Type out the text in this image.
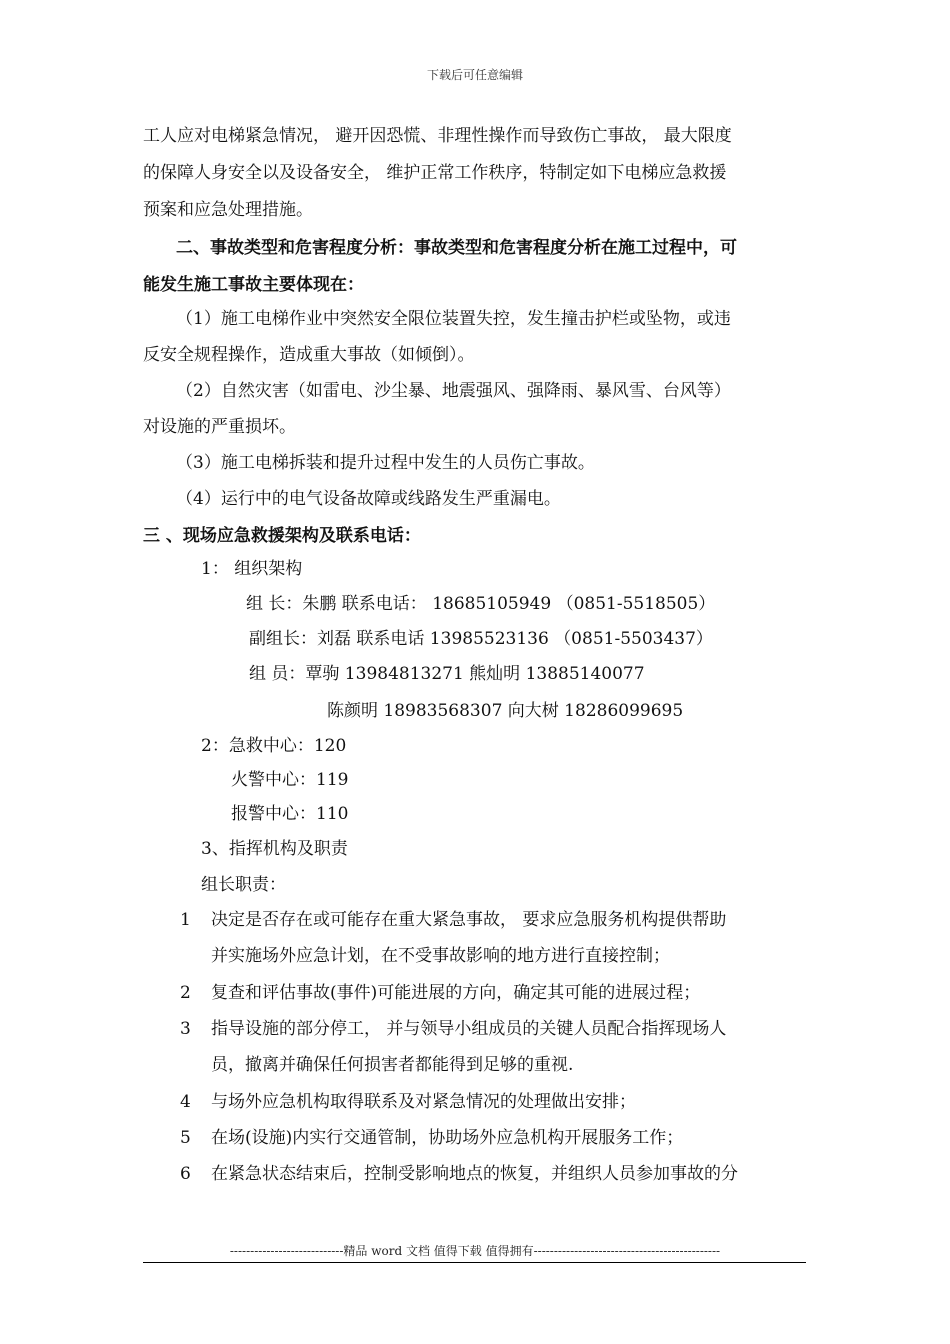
下载后可任意编辑
工人应对电梯紧急情况， 避开因恐慌、非理性操作而导致伤亡事故， 最大限度
的保障人身安全以及设备安全， 维护正常工作秩序，特制定如下电梯应急救援
预案和应急处理措施。
二、事故类型和危害程度分析：事故类型和危害程度分析在施工过程中，可
能发生施工事故主要体现在：
（1）施工电梯作业中突然安全限位装置失控，发生撞击护栏或坠物，或违
反安全规程操作，造成重大事故（如倾倒）。
（2）自然灾害（如雷电、沙尘暴、地震强风、强降雨、暴风雪、台风等）
对设施的严重损坏。
（3）施工电梯拆装和提升过程中发生的人员伤亡事故。
（4）运行中的电气设备故障或线路发生严重漏电。
三 、现场应急救援架构及联系电话：
1： 组织架构
组 长：朱鹏 联系电话： 18685105949 （0851-5518505）
副组长：刘磊 联系电话 13985523136 （0851-5503437）
组 员：覃驹 13984813271 熊灿明 13885140077
陈颜明 18983568307 向大树 18286099695
2：急救中心：120
火警中心：119
报警中心：110
3、指挥机构及职责
组长职责：
1 决定是否存在或可能存在重大紧急事故， 要求应急服务机构提供帮助
并实施场外应急计划，在不受事故影响的地方进行直接控制；
2 复查和评估事故(事件)可能进展的方向，确定其可能的进展过程；
3 指导设施的部分停工， 并与领导小组成员的关键人员配合指挥现场人
员，撤离并确保任何损害者都能得到足够的重视.
4 与场外应急机构取得联系及对紧急情况的处理做出安排；
5 在场(设施)内实行交通管制，协助场外应急机构开展服务工作；
6 在紧急状态结束后，控制受影响地点的恢复，并组织人员参加事故的分
----------------------------精品 word 文档 值得下载 值得拥有----------------------------------------------
